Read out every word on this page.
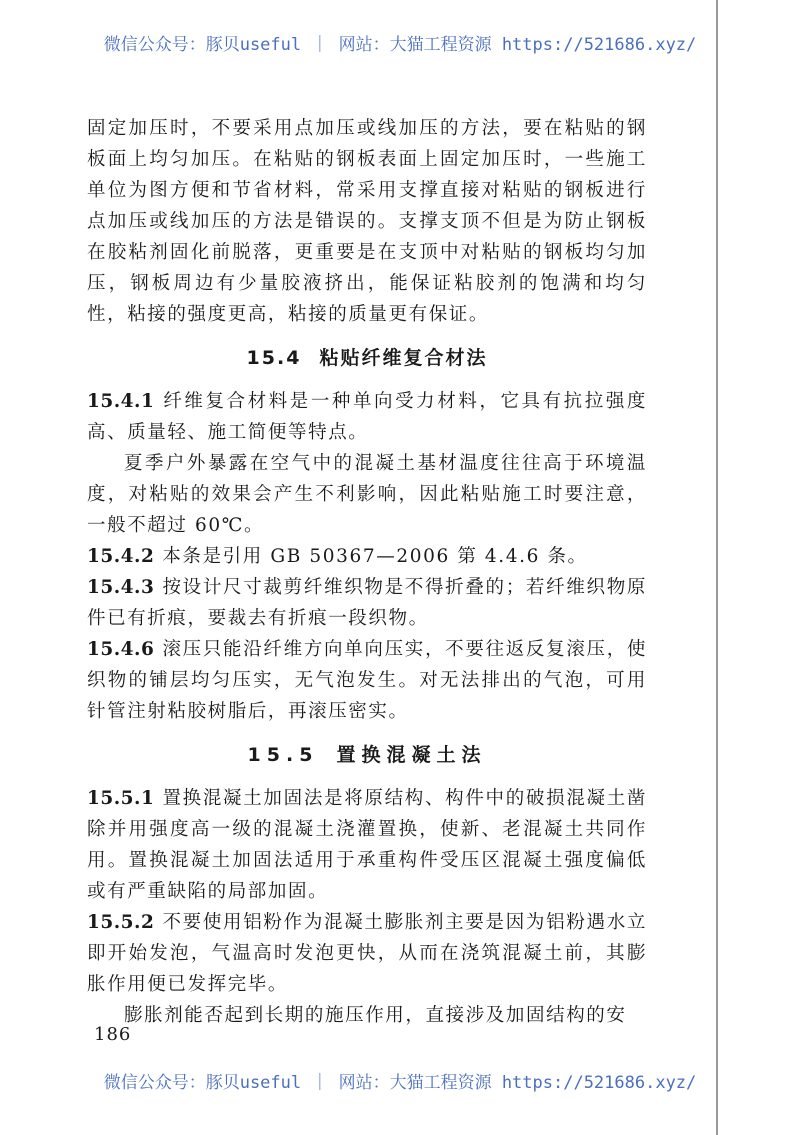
微信公众号：豚贝useful ｜ 网站：大猫工程资源 https://521686.xyz/

固定加压时，不要采用点加压或线加压的方法，要在粘贴的钢板面上均匀加压。在粘贴的钢板表面上固定加压时，一些施工单位为图方便和节省材料，常采用支撑直接对粘贴的钢板进行点加压或线加压的方法是错误的。支撑支顶不但是为防止钢板在胶粘剂固化前脱落，更重要是在支顶中对粘贴的钢板均匀加压，钢板周边有少量胶液挤出，能保证粘胶剂的饱满和均匀性，粘接的强度更高，粘接的质量更有保证。

15.4 粘贴纤维复合材法

15.4.1 纤维复合材料是一种单向受力材料，它具有抗拉强度高、质量轻、施工简便等特点。

夏季户外暴露在空气中的混凝土基材温度往往高于环境温度，对粘贴的效果会产生不利影响，因此粘贴施工时要注意，一般不超过 60℃。

15.4.2 本条是引用 GB 50367—2006 第 4.4.6 条。

15.4.3 按设计尺寸裁剪纤维织物是不得折叠的；若纤维织物原件已有折痕，要裁去有折痕一段织物。

15.4.6 滚压只能沿纤维方向单向压实，不要往返反复滚压，使织物的铺层均匀压实，无气泡发生。对无法排出的气泡，可用针管注射粘胶树脂后，再滚压密实。

15.5 置换混凝土法

15.5.1 置换混凝土加固法是将原结构、构件中的破损混凝土凿除并用强度高一级的混凝土浇灌置换，使新、老混凝土共同作用。置换混凝土加固法适用于承重构件受压区混凝土强度偏低或有严重缺陷的局部加固。

15.5.2 不要使用铝粉作为混凝土膨胀剂主要是因为铝粉遇水立即开始发泡，气温高时发泡更快，从而在浇筑混凝土前，其膨胀作用便已发挥完毕。

膨胀剂能否起到长期的施压作用，直接涉及加固结构的安

186
微信公众号：豚贝useful ｜ 网站：大猫工程资源 https://521686.xyz/
